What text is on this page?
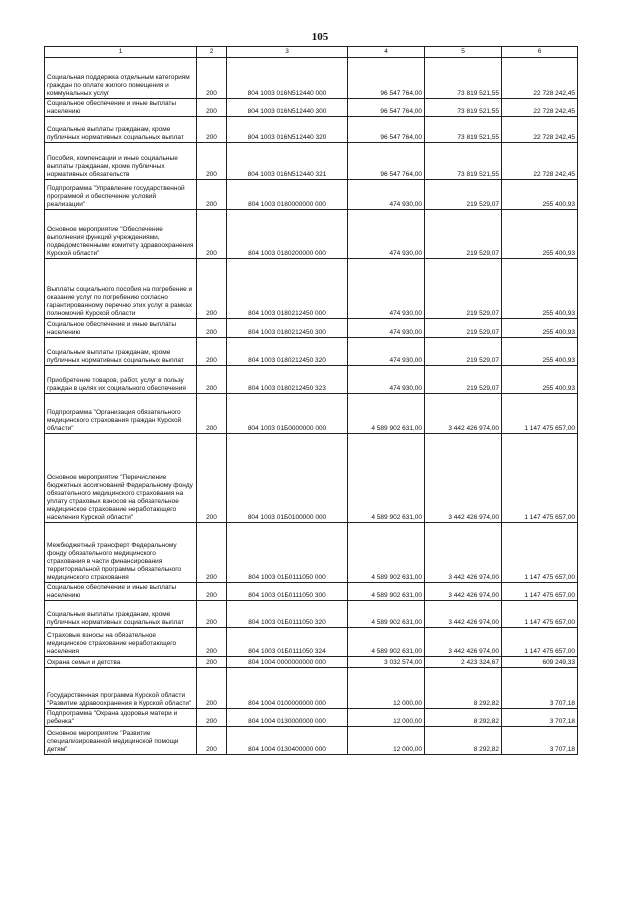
105
1	2	3	4	5	6
Социальная поддержка отдельным категориям граждан по оплате жилого помещения и коммунальных услуг	200	804 1003 016N512440 000	96 547 764,00	73 819 521,55	22 728 242,45
Социальное обеспечение и иные выплаты населению	200	804 1003 016N512440 300	96 547 764,00	73 819 521,55	22 728 242,45
Социальные выплаты гражданам, кроме публичных нормативных социальных выплат	200	804 1003 016N512440 320	96 547 764,00	73 819 521,55	22 728 242,45
Пособия, компенсации и иные социальные выплаты гражданам, кроме публичных нормативных обязательств	200	804 1003 016N512440 321	96 547 764,00	73 819 521,55	22 728 242,45
Подпрограмма "Управление государственной программой и обеспечение условий реализации"	200	804 1003 0180000000 000	474 930,00	219 529,07	255 400,93
Основное мероприятие "Обеспечение выполнения функций учреждениями, подведомственными комитету здравоохранения Курской области"	200	804 1003 0180200000 000	474 930,00	219 529,07	255 400,93
Выплаты социального пособия на погребение и оказание услуг по погребению согласно гарантированному перечню этих услуг в рамках полномочий Курской области	200	804 1003 0180212450 000	474 930,00	219 529,07	255 400,93
Социальное обеспечение и иные выплаты населению	200	804 1003 0180212450 300	474 930,00	219 529,07	255 400,93
Социальные выплаты гражданам, кроме публичных нормативных социальных выплат	200	804 1003 0180212450 320	474 930,00	219 529,07	255 400,93
Приобретение товаров, работ, услуг в пользу граждан в целях их социального обеспечения	200	804 1003 0180212450 323	474 930,00	219 529,07	255 400,93
Подпрограмма "Организация обязательного медицинского страхования граждан Курской области"	200	804 1003 01Б0000000 000	4 589 902 631,00	3 442 426 974,00	1 147 475 657,00
Основное мероприятие "Перечисление бюджетных ассигнований Федеральному фонду обязательного медицинского страхования на уплату страховых взносов на обязательное медицинское страхование неработающего населения Курской области"	200	804 1003 01Б0100000 000	4 589 902 631,00	3 442 426 974,00	1 147 475 657,00
Межбюджетный трансферт Федеральному фонду обязательного медицинского страхования в части финансирования территориальной программы обязательного медицинского страхования	200	804 1003 01Б0111050 000	4 589 902 631,00	3 442 426 974,00	1 147 475 657,00
Социальное обеспечение и иные выплаты населению	200	804 1003 01Б0111050 300	4 589 902 631,00	3 442 426 974,00	1 147 475 657,00
Социальные выплаты гражданам, кроме публичных нормативных социальных выплат	200	804 1003 01Б0111050 320	4 589 902 631,00	3 442 426 974,00	1 147 475 657,00
Страховые взносы на обязательное медицинское страхование неработающего населения	200	804 1003 01Б0111050 324	4 589 902 631,00	3 442 426 974,00	1 147 475 657,00
Охрана семьи и детства	200	804 1004 0000000000 000	3 032 574,00	2 423 324,67	609 249,33
Государственная программа Курской области "Развитие здравоохранения в Курской области"	200	804 1004 0100000000 000	12 000,00	8 292,82	3 707,18
Подпрограмма "Охрана здоровья матери и ребенка"	200	804 1004 0130000000 000	12 000,00	8 292,82	3 707,18
Основное мероприятие "Развитие специализированной медицинской помощи детям"	200	804 1004 0130400000 000	12 000,00	8 292,82	3 707,18
